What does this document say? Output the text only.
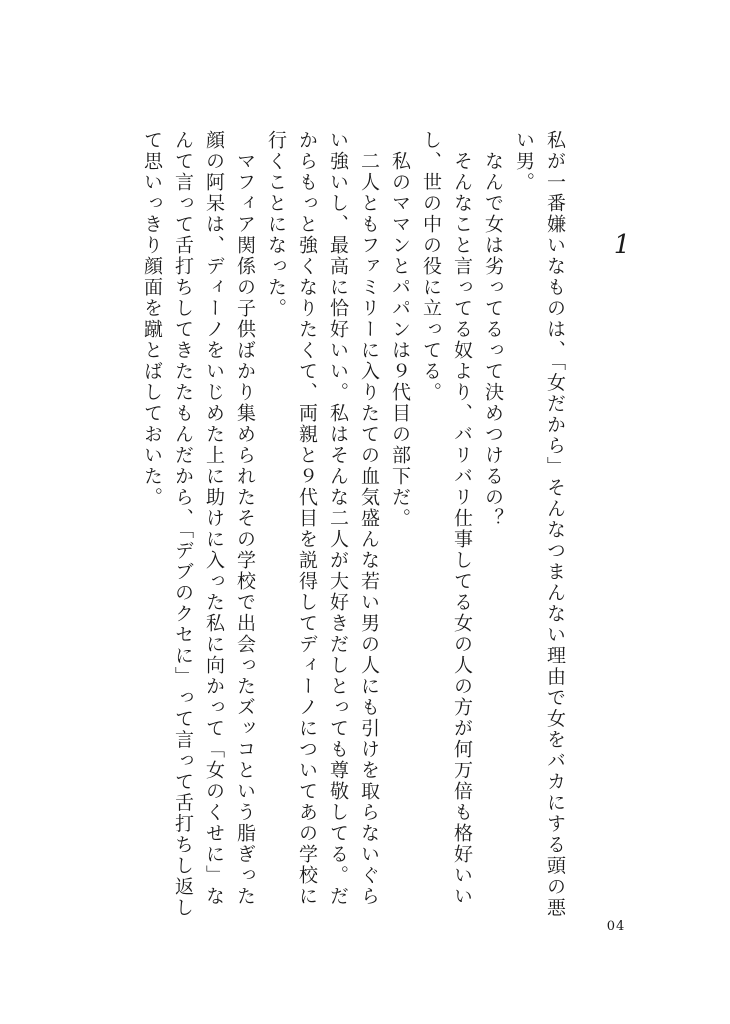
1

私が一番嫌いなものは、「女だから」そんなつまんない理由で女をバカにする頭の悪い男。

　なんで女は劣ってるって決めつけるの？

　そんなこと言ってる奴より、バリバリ仕事してる女の人の方が何万倍も格好いいし、世の中の役に立ってる。

　私のママンとパパンは９代目の部下だ。

　二人ともファミリーに入りたての血気盛んな若い男の人にも引けを取らないぐらい強いし、最高に恰好いい。私はそんな二人が大好きだしとっても尊敬してる。だからもっと強くなりたくて、両親と９代目を説得してディーノについてあの学校に行くことになった。

　マフィア関係の子供ばかり集められたその学校で出会ったズッコという脂ぎった顔の阿呆は、ディーノをいじめた上に助けに入った私に向かって「女のくせに」なんて言って舌打ちしてきたたもんだから、「デブのクセに」って言って舌打ちし返して思いっきり顔面を蹴とばしておいた。

04
